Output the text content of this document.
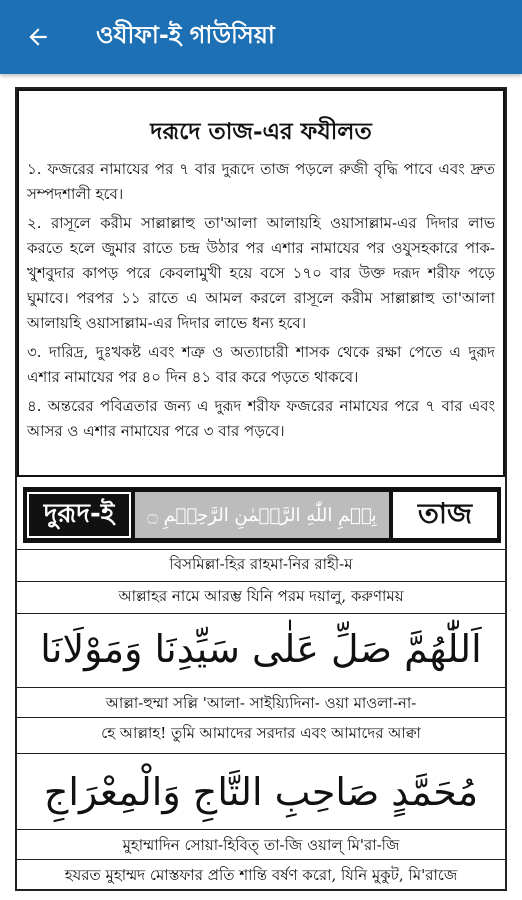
ওযীফা-ই গাউসিয়া
দরূদে তাজ-এর ফযীলত

১. ফজরের নামাযের পর ৭ বার দুরূদে তাজ পড়লে রুজী বৃদ্ধি পাবে এবং দ্রুত সম্পদশালী হবে।

২. রাসূলে করীম সাল্লাল্লাহু তা'আলা আলায়হি ওয়াসাল্লাম-এর দিদার লাভ করতে হলে জুমার রাতে চন্দ্র উঠার পর এশার নামাযের পর ওযুসহকারে পাক-খুশবুদার কাপড় পরে কেবলামুখী হয়ে বসে ১৭০ বার উক্ত দরূদ শরীফ পড়ে ঘুমাবে। পরপর ১১ রাতে এ আমল করলে রাসূলে করীম সাল্লাল্লাহু তা'আলা আলায়হি ওয়াসাল্লাম-এর দিদার লাভে ধন্য হবে।

৩. দারিদ্র, দুঃখকষ্ট এবং শত্রু ও অত্যাচারী শাসক থেকে রক্ষা পেতে এ দুরূদ এশার নামাযের পর ৪০ দিন ৪১ বার করে পড়তে থাকবে।

৪. অন্তরের পবিত্রতার জন্য এ দুরূদ শরীফ ফজরের নামাযের পরে ৭ বার এবং আসর ও এশার নামাযের পরে ৩ বার পড়বে।

দুরূদ-ই	بِسۡمِ اللّٰهِ الرَّحۡمٰنِ الرَّحِیۡمِ ۝	তাজ
বিসমিল্লা-হির রাহমা-নির রাহী-ম
আল্লাহর নামে আরম্ভ যিনি পরম দয়ালু, করুণাময়
اَللّٰهُمَّ صَلِّ عَلٰى سَيِّدِنَا وَمَوْلَانَا
আল্লা-হুম্মা সল্লি 'আলা- সাইয়্যিদিনা- ওয়া মাওলা-না-
হে আল্লাহ! তুমি আমাদের সরদার এবং আমাদের আক্বা
مُحَمَّدٍ صَاحِبِ التَّاجِ وَالْمِعْرَاجِ
মুহাম্মাদিন সোয়া-হিবিত্ তা-জি ওয়াল্ মি'রা-জি
হযরত মুহাম্মদ মোস্তফার প্রতি শান্তি বর্ষণ করো, যিনি মুকুট, মি'রাজে
